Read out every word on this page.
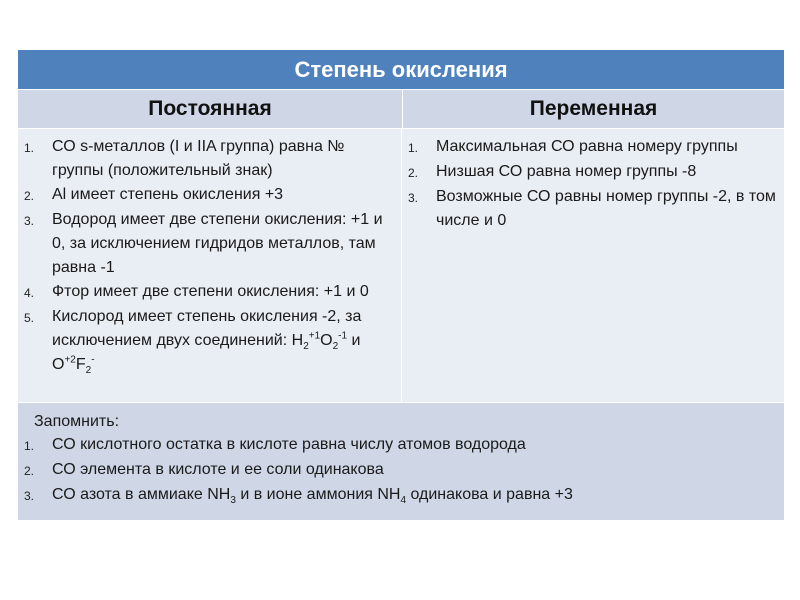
Степень окисления
Постоянная	Переменная
1.	СО s-металлов (I и IIA группа) равна № группы (положительный знак)
2.	Al имеет степень окисления +3
3.	Водород имеет две степени окисления: +1 и 0, за исключением гидридов металлов, там равна -1
4.	Фтор имеет две степени окисления: +1 и 0
5.	Кислород имеет степень окисления -2, за исключением двух соединений: $H_2^{+1}O_2^{-1}$ и $O^{+2}F_2^-$
1.	Максимальная СО равна номеру группы
2.	Низшая СО равна номер группы -8
3.	Возможные СО равны номер группы -2, в том числе и 0
Запомнить:
1.	СО кислотного остатка в кислоте равна числу атомов водорода
2.	СО элемента в кислоте и ее соли одинакова
3.	СО азота в аммиаке $NH_3$ и в ионе аммония $NH_4$ одинакова и равна +3
